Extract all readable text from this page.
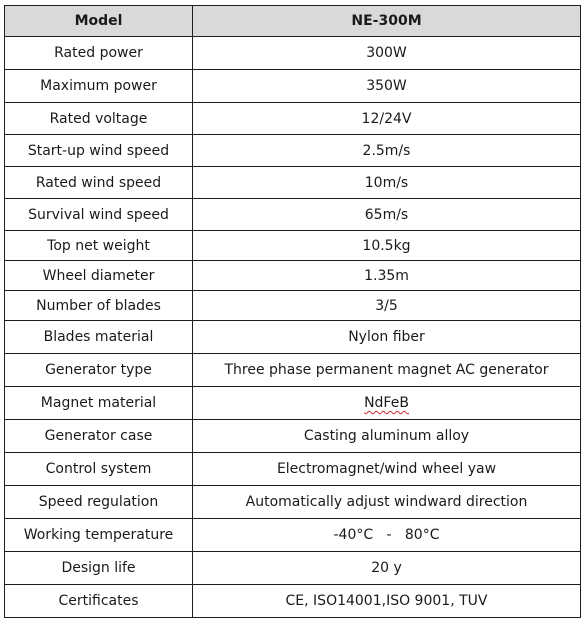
Model	NE-300M
Rated power	300W
Maximum power	350W
Rated voltage	12/24V
Start-up wind speed	2.5m/s
Rated wind speed	10m/s
Survival wind speed	65m/s
Top net weight	10.5kg
Wheel diameter	1.35m
Number of blades	3/5
Blades material	Nylon fiber
Generator type	Three phase permanent magnet AC generator
Magnet material	NdFeB
Generator case	Casting aluminum alloy
Control system	Electromagnet/wind wheel yaw
Speed regulation	Automatically adjust windward direction
Working temperature	-40°C   -   80°C
Design life	20 y
Certificates	CE, ISO14001,ISO 9001, TUV
